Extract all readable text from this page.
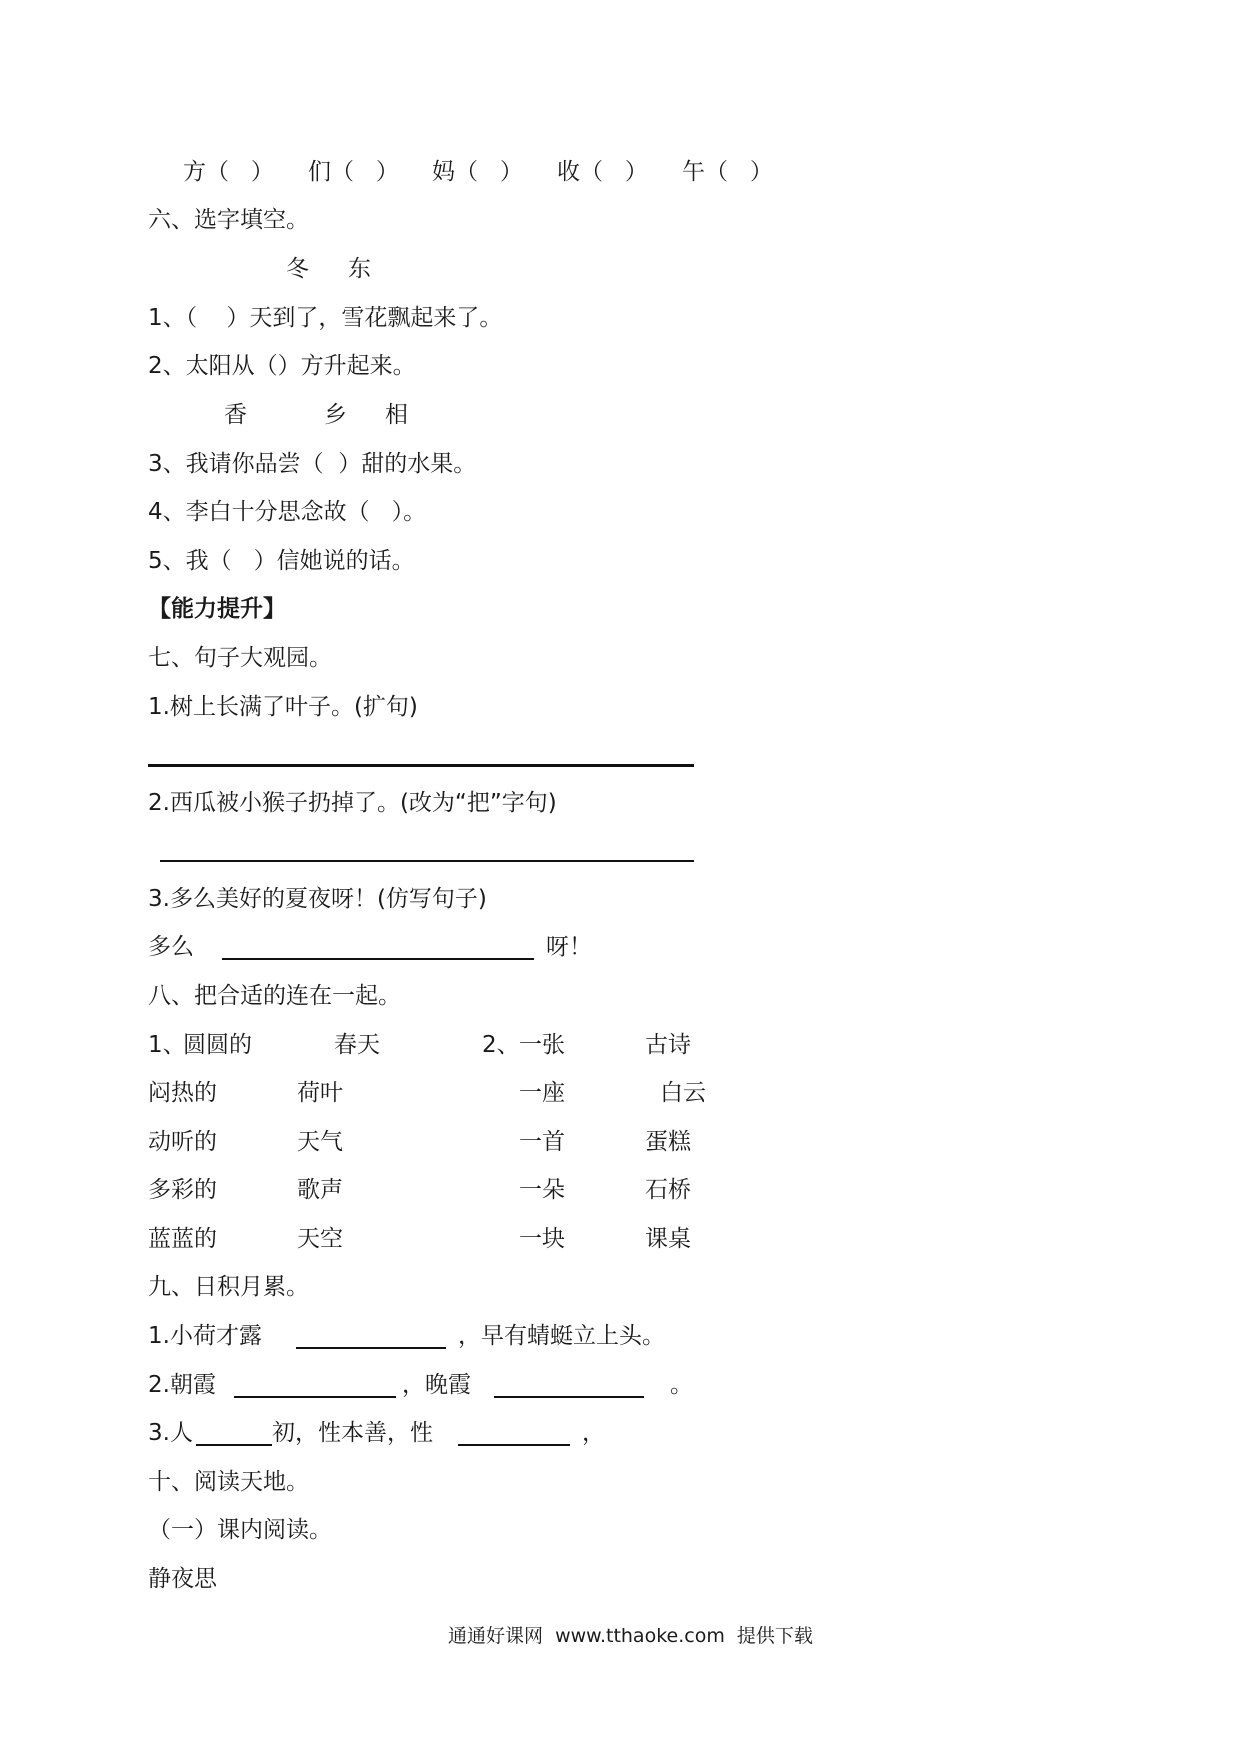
方（   ） 们（   ） 妈（   ） 收（   ） 午（   ）
六、选字填空。
冬 东
1、（    ）天到了，雪花飘起来了。
2、太阳从（）方升起来。
香	乡 相
3、我请你品尝（  ）甜的水果。
4、李白十分思念故（   ）。
5、我（   ）信她说的话。
【能力提升】
七、句子大观园。
1.树上长满了叶子。(扩句)
2.西瓜被小猴子扔掉了。(改为“把”字句)
3.多么美好的夏夜呀！(仿写句子)
多么	呀！
八、把合适的连在一起。
1、
圆圆的	春天	2、 一张	古诗
闷热的	荷叶	一座	白云
动听的	天气	一首	蛋糕
多彩的	歌声	一朵	石桥
蓝蓝的	天空	一块	课桌
九、日积月累。
1.小荷才露	，早有蜻蜓立上头。
2.朝霞	，晚霞	。
3.人	初，性本善，性	，
十、阅读天地。
（一）课内阅读。
静夜思
通通好课网  www.tthaoke.com  提供下载
